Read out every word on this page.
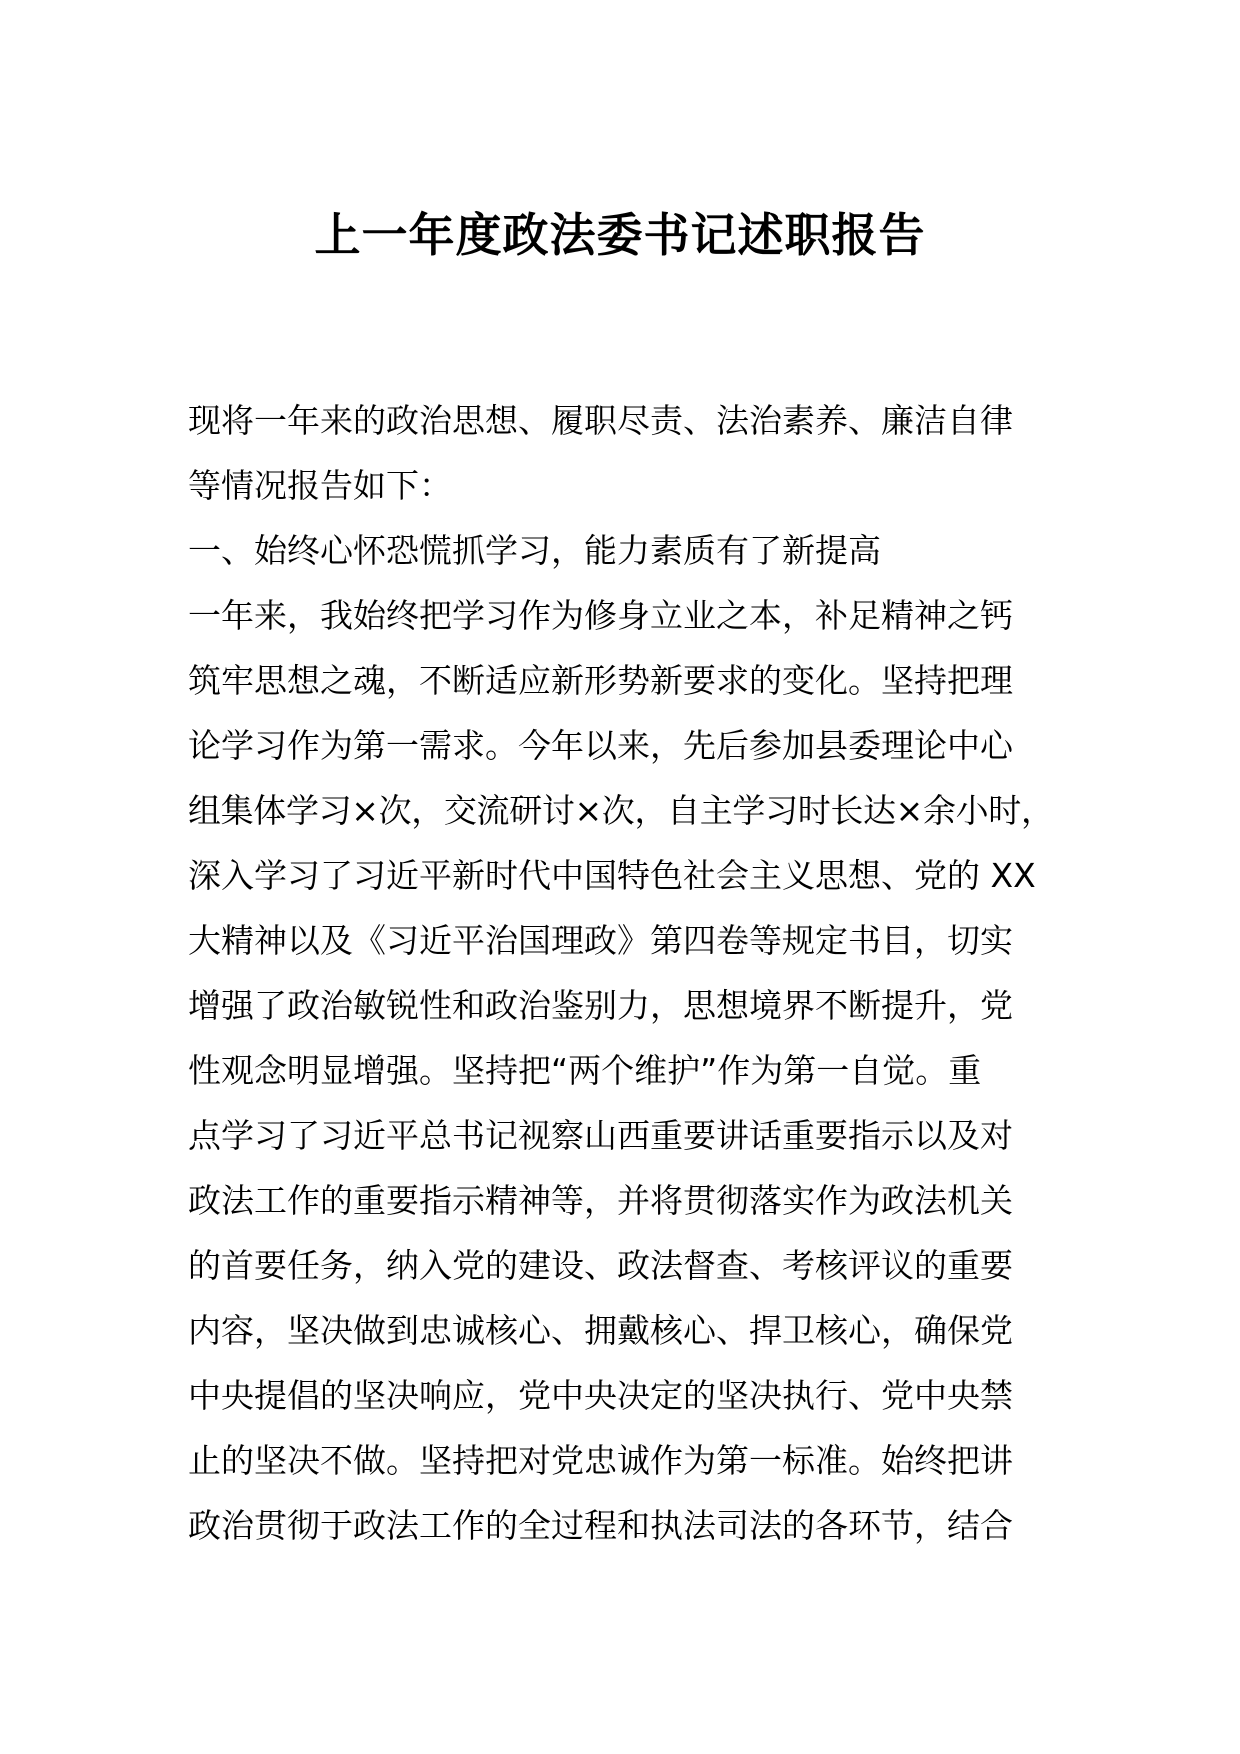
上一年度政法委书记述职报告
现将一年来的政治思想、履职尽责、法治素养、廉洁自律
等情况报告如下：
一、始终心怀恐慌抓学习，能力素质有了新提高
一年来，我始终把学习作为修身立业之本，补足精神之钙
筑牢思想之魂，不断适应新形势新要求的变化。坚持把理
论学习作为第一需求。今年以来，先后参加县委理论中心
组集体学习×次，交流研讨×次，自主学习时长达×余小时，
深入学习了习近平新时代中国特色社会主义思想、党的 XX
大精神以及《习近平治国理政》第四卷等规定书目，切实
增强了政治敏锐性和政治鉴别力，思想境界不断提升，党
性观念明显增强。坚持把“两个维护”作为第一自觉。重
点学习了习近平总书记视察山西重要讲话重要指示以及对
政法工作的重要指示精神等，并将贯彻落实作为政法机关
的首要任务，纳入党的建设、政法督查、考核评议的重要
内容，坚决做到忠诚核心、拥戴核心、捍卫核心，确保党
中央提倡的坚决响应，党中央决定的坚决执行、党中央禁
止的坚决不做。坚持把对党忠诚作为第一标准。始终把讲
政治贯彻于政法工作的全过程和执法司法的各环节，结合
